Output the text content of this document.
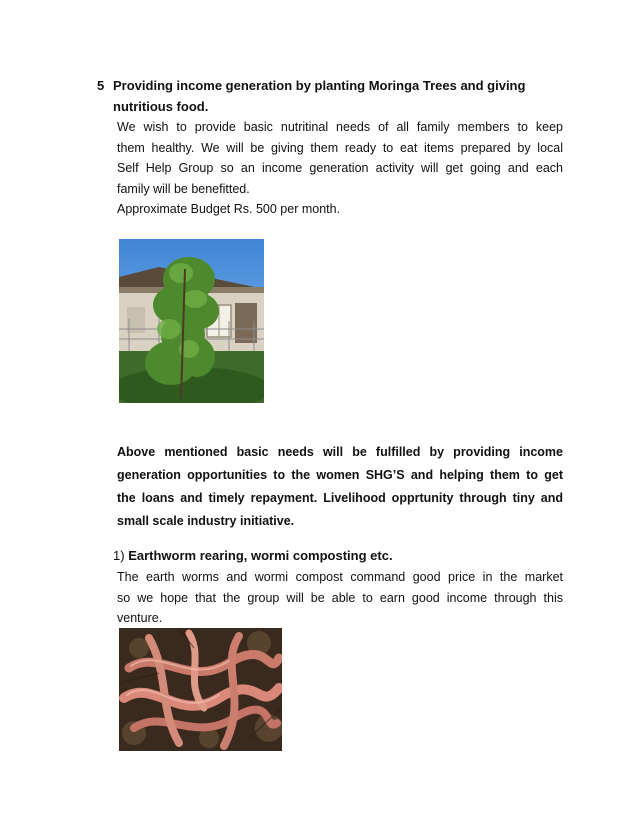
5 Providing income generation by planting Moringa Trees and giving
nutritious food.
We wish to provide basic nutritinal needs of all family members to keep
them healthy. We will be giving them ready to eat items prepared by local
Self Help Group so an income generation activity will get going and each
family will be benefitted.
Approximate Budget Rs. 500 per month.
Above mentioned basic needs will be fulfilled by providing income
generation opportunities to the women SHG’S and helping them to get
the loans and timely repayment. Livelihood opprtunity through tiny and
small scale industry initiative.
1) Earthworm rearing, wormi composting etc.
The earth worms and wormi compost command good price in the market
so we hope that the group will be able to earn good income through this
venture.
